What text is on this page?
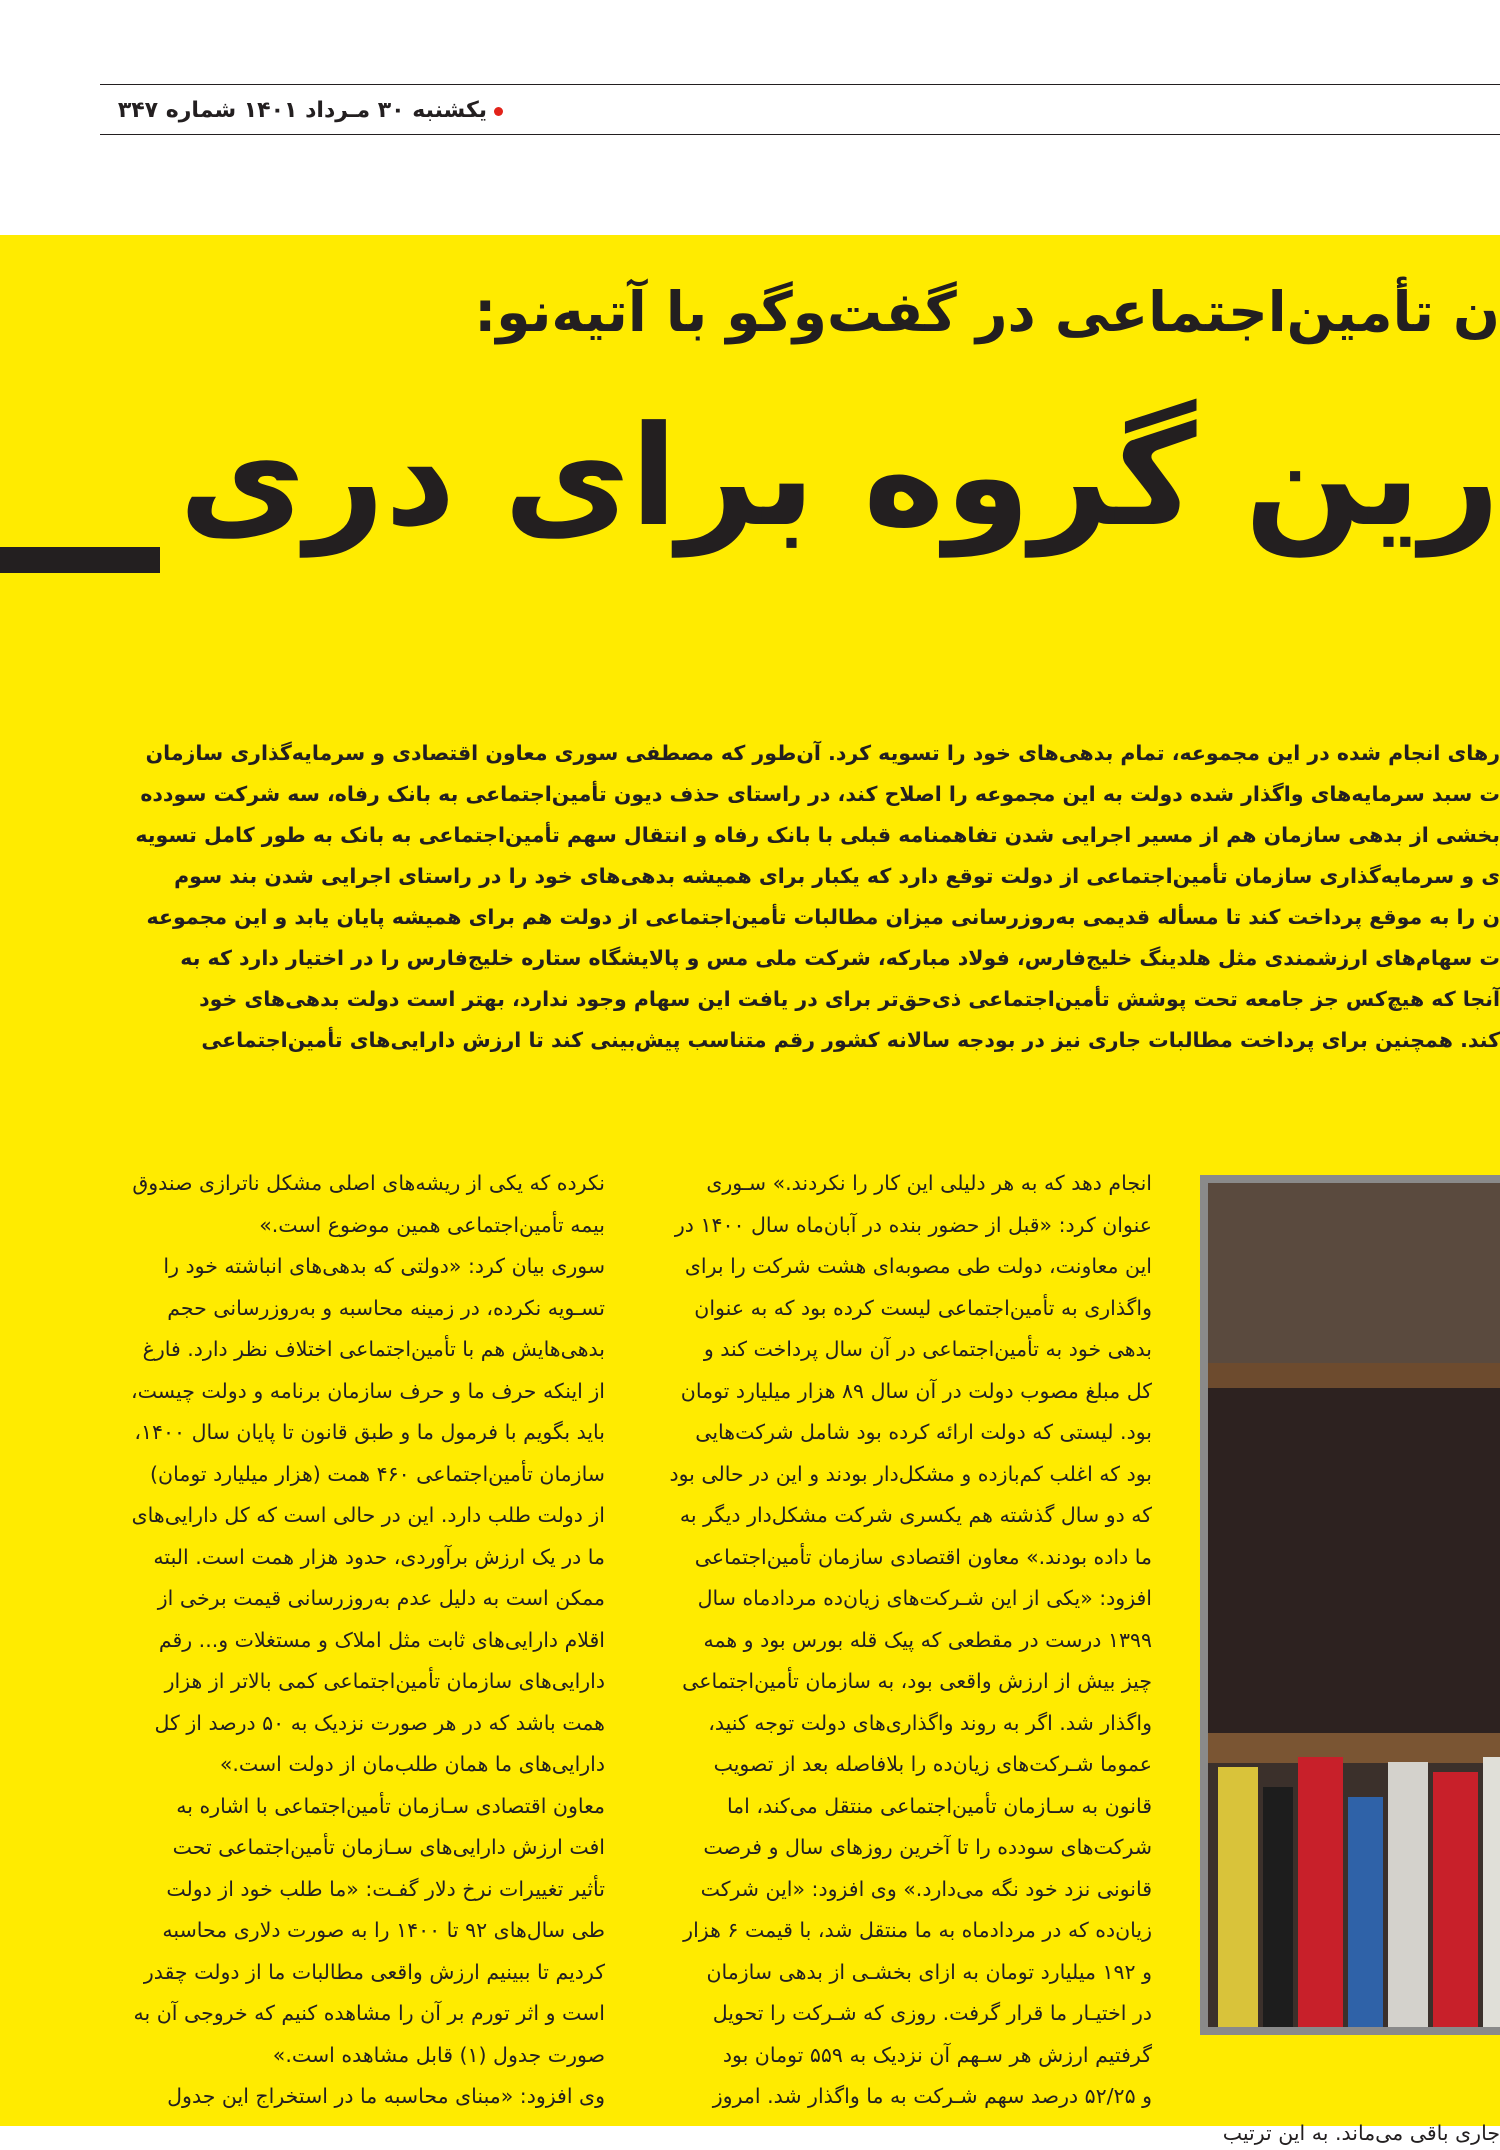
یکشنبه ۳۰ مـرداد ۱۴۰۱ شماره ۳۴۷
ن تأمین‌اجتماعی در گفت‌وگو با آتیه‌نو:
رین گروه برای دری
رهای انجام شده در این مجموعه، تمام بدهی‌های خود را تسویه کرد. آن‌طور که مصطفی سوری معاون اقتصادی و سرمایه‌گذاری سازمان
ت سبد سرمایه‌های واگذار شده دولت به این مجموعه را اصلاح کند، در راستای حذف دیون تأمین‌اجتماعی به بانک رفاه، سه شرکت سودده
بخشی از بدهی سازمان هم از مسیر اجرایی شدن تفاهمنامه قبلی با بانک رفاه و انتقال سهم تأمین‌اجتماعی به بانک به طور کامل تسویه
ی و سرمایه‌گذاری سازمان تأمین‌اجتماعی از دولت توقع دارد که یکبار برای همیشه بدهی‌های خود را در راستای اجرایی شدن بند سوم
ن را به موقع پرداخت کند تا مسأله قدیمی به‌روزرسانی میزان مطالبات تأمین‌اجتماعی از دولت هم برای همیشه پایان یابد و این مجموعه
ت سهام‌های ارزشمندی مثل هلدینگ خلیج‌فارس، فولاد مبارکه، شرکت ملی مس و پالایشگاه ستاره خلیج‌فارس را در اختیار دارد که به
آنجا که هیچ‌کس جز جامعه تحت پوشش تأمین‌اجتماعی ذی‌حق‌تر برای در یافت این سهام وجود ندارد، بهتر است دولت بدهی‌های خود
کند. همچنین برای پرداخت مطالبات جاری نیز در بودجه سالانه کشور رقم متناسب پیش‌بینی کند تا ارزش دارایی‌های تأمین‌اجتماعی
انجام دهد که به هر دلیلی این کار را نکردند.» سـوری
عنوان کرد: «قبل از حضور بنده در آبان‌ماه سال ۱۴۰۰ در
این معاونت، دولت طی مصوبه‌ای هشت شرکت را برای
واگذاری به تأمین‌اجتماعی لیست کرده بود که به عنوان
بدهی خود به تأمین‌اجتماعی در آن سال پرداخت کند و
کل مبلغ مصوب دولت در آن سال ۸۹ هزار میلیارد تومان
بود. لیستی که دولت ارائه کرده بود شامل شرکت‌هایی
بود که اغلب کم‌بازده و مشکل‌دار بودند و این در حالی بود
که دو سال گذشته هم یکسری شرکت مشکل‌دار دیگر به
ما داده بودند.» معاون اقتصادی سازمان تأمین‌اجتماعی
افزود: «یکی از این شـرکت‌های زیان‌ده مرداد‌ماه سال
۱۳۹۹ درست در مقطعی که پیک قله بورس بود و همه
چیز بیش از ارزش واقعی بود، به سازمان تأمین‌اجتماعی
واگذار شد. اگر به روند واگذاری‌های دولت توجه کنید،
عموما شـرکت‌های زیان‌ده را بلافاصله بعد از تصویب
قانون به سـازمان تأمین‌اجتماعی منتقل می‌کند، اما
شرکت‌های سودده را تا آخرین روزهای سال و فرصت
قانونی نزد خود نگه می‌دارد.» وی افزود: «این شرکت
زیان‌ده که در مرداد‌ماه به ما منتقل شد، با قیمت ۶ هزار
و ۱۹۲ میلیارد تومان به ازای بخشـی از بدهی سازمان
در اختیـار ما قرار گرفت. روزی که شـرکت را تحویل
گرفتیم ارزش هر سـهم آن نزدیک به ۵۵۹ تومان بود
و ۵۲/۲۵ درصد سهم شـرکت به ما واگذار شد. امروز
نکرده که یکی از ریشه‌های اصلی مشکل ناترازی صندوق
بیمه تأمین‌اجتماعی همین موضوع است.»
سوری بیان کرد: «دولتی که بدهی‌های انباشته خود را
تسـویه نکرده، در زمینه محاسبه و به‌روزرسانی حجم
بدهی‌هایش هم با تأمین‌اجتماعی اختلاف نظر دارد. فارغ
از اینکه حرف ما و حرف سازمان برنامه و دولت چیست،
باید بگویم با فرمول ما و طبق قانون تا پایان سال ۱۴۰۰،
سازمان تأمین‌اجتماعی ۴۶۰ همت (هزار میلیارد تومان)
از دولت طلب دارد. این در حالی است که کل دارایی‌های
ما در یک ارزش برآوردی، حدود هزار همت است. البته
ممکن است به دلیل عدم به‌روزرسانی قیمت برخی از
اقلام دارایی‌های ثابت مثل املاک و مستغلات و... رقم
دارایی‌های سازمان تأمین‌اجتماعی کمی بالاتر از هزار
همت باشد که در هر صورت نزدیک به ۵۰ درصد از کل
دارایی‌های ما همان طلب‌مان از دولت است.»
معاون اقتصادی سـازمان تأمین‌اجتماعی با اشاره به
افت ارزش دارایی‌های سـازمان تأمین‌اجتماعی تحت
تأثیر تغییرات نرخ دلار گفـت: «ما طلب خود از دولت
طی سال‌های ۹۲ تا ۱۴۰۰ را به صورت دلاری محاسبه
کردیم تا ببینیم ارزش واقعی مطالبات ما از دولت چقدر
است و اثر تورم بر آن را مشاهده کنیم که خروجی آن به
صورت جدول (۱) قابل مشاهده است.»
وی افزود: «مبنای محاسبه ما در استخراج این جدول
جاری باقی می‌ماند. به این ترتیب
